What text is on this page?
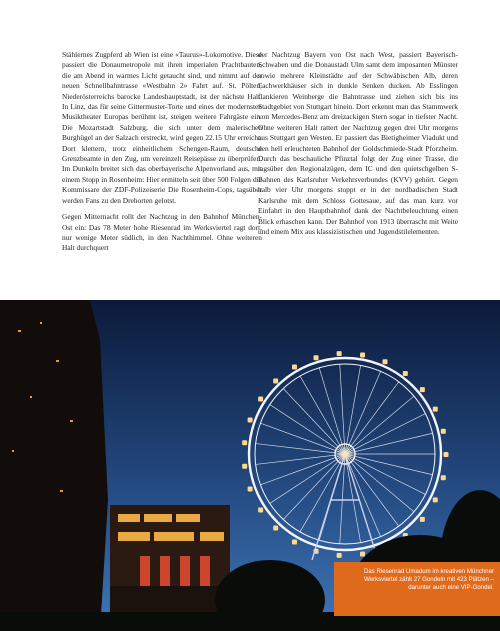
Stählernes Zugpferd ab Wien ist eine «Taurus»-Lokomotive. Diese passiert die Donaumetropole mit ihren imperialen Prachtbauten, die am Abend in warmes Licht getaucht sind, und nimmt auf der neuen Schnellbahntrasse «Westbahn 2» Fahrt auf. St. Pölten, Niederösterreichs barocke Landeshauptstadt, ist der nächste Halt. In Linz, das für seine Gittermuster-Torte und eines der modernsten Musiktheater Europas berühmt ist, steigen weitere Fahrgäste ein. Die Mozartstadt Salzburg, die sich unter dem malerischen Burghügel an der Salzach erstreckt, wird gegen 22.15 Uhr erreicht. Dort klettern, trotz einheitlichem Schengen-Raum, deutsche Grenzbeamte in den Zug, um vereinzelt Reisepässe zu überprüfen. Im Dunkeln breitet sich das oberbayerische Alpenvorland aus, mit einem Stopp in Rosenheim: Hier ermitteln seit über 500 Folgen die Kommissare der ZDF-Polizeiserie Die Rosenheim-Cops, tagsüber werden Fans zu den Drehorten gelotst.

Gegen Mitternacht rollt der Nachtzug in den Bahnhof München-Ost ein: Das 78 Meter hohe Riesenrad im Werksviertel ragt dort, nur wenige Meter südlich, in den Nachthimmel. Ohne weiteren Halt durchquert

der Nachtzug Bayern von Ost nach West, passiert Bayerisch-Schwaben und die Donaustadt Ulm samt dem imposanten Münster sowie mehrere Kleinstädte auf der Schwäbischen Alb, deren Fachwerkhäuser sich in dunkle Senken ducken. Ab Esslingen flankieren Weinberge die Bahntrasse und ziehen sich bis ins Stadtgebiet von Stuttgart hinein. Dort erkennt man das Stammwerk von Mercedes-Benz am dreizackigen Stern sogar in tiefster Nacht. Ohne weiteren Halt rattert der Nachtzug gegen drei Uhr morgens aus Stuttgart gen Westen. Er passiert das Bietigheimer Viadukt und den hell erleuchteten Bahnhof der Goldschmiede-Stadt Pforzheim. Durch das beschauliche Pfinztal folgt der Zug einer Trasse, die tagsüber den Regionalzügen, dem IC und den quietschgelben S-Bahnen des Karlsruher Verkehrsverbundes (KVV) gehört. Gegen halb vier Uhr morgens stoppt er in der nordbadischen Stadt Karlsruhe mit dem Schloss Gottesaue, auf das man kurz vor Einfahrt in den Hauptbahnhof dank der Nachtbeleuchtung einen Blick erhaschen kann. Der Bahnhof von 1913 überrascht mit Weite und einem Mix aus klassizistischen und Jugendstilelementen.

Das Riesenrad Umadum im kreativen Münchner Werksviertel zählt 27 Gondeln mit 423 Plätzen – darunter auch eine VIP-Gondel.
